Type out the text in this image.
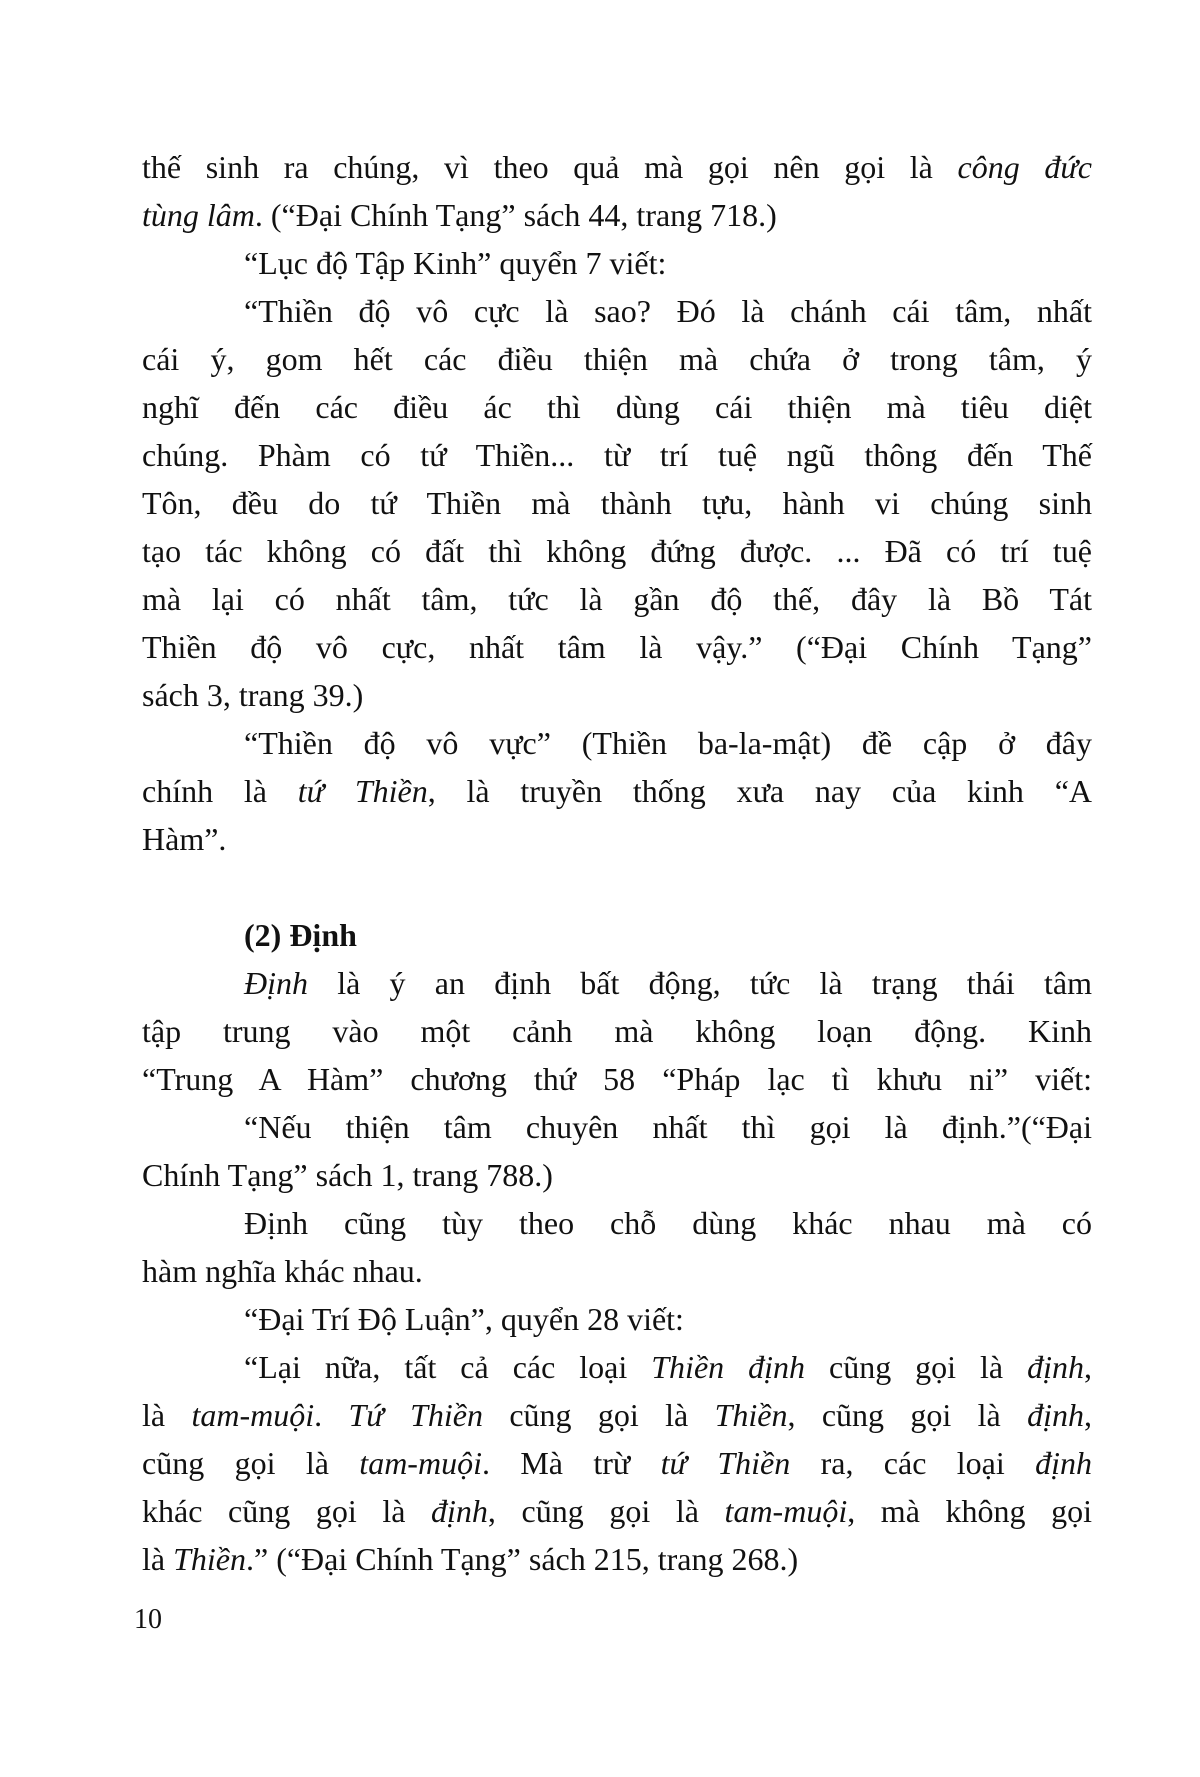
thế sinh ra chúng, vì theo quả mà gọi nên gọi là công đức
tùng lâm. (“Đại Chính Tạng” sách 44, trang 718.)
“Lục độ Tập Kinh” quyển 7 viết:
“Thiền độ vô cực là sao? Đó là chánh cái tâm, nhất
cái ý, gom hết các điều thiện mà chứa ở trong tâm, ý
nghĩ đến các điều ác thì dùng cái thiện mà tiêu diệt
chúng. Phàm có tứ Thiền... từ trí tuệ ngũ thông đến Thế
Tôn, đều do tứ Thiền mà thành tựu, hành vi chúng sinh
tạo tác không có đất thì không đứng được. ... Đã có trí tuệ
mà lại có nhất tâm, tức là gần độ thế, đây là Bồ Tát
Thiền độ vô cực, nhất tâm là vậy.” (“Đại Chính Tạng”
sách 3, trang 39.)
“Thiền độ vô vực” (Thiền ba-la-mật) đề cập ở đây
chính là tứ Thiền, là truyền thống xưa nay của kinh “A
Hàm”.
(2) Định
Định là ý an định bất động, tức là trạng thái tâm
tập trung vào một cảnh mà không loạn động. Kinh
“Trung A Hàm” chương thứ 58 “Pháp lạc tì khưu ni” viết:
“Nếu thiện tâm chuyên nhất thì gọi là định.”(“Đại
Chính Tạng” sách 1, trang 788.)
Định cũng tùy theo chỗ dùng khác nhau mà có
hàm nghĩa khác nhau.
“Đại Trí Độ Luận”, quyển 28 viết:
“Lại nữa, tất cả các loại Thiền định cũng gọi là định,
là tam-muội. Tứ Thiền cũng gọi là Thiền, cũng gọi là định,
cũng gọi là tam-muội. Mà trừ tứ Thiền ra, các loại định
khác cũng gọi là định, cũng gọi là tam-muội, mà không gọi
là Thiền.” (“Đại Chính Tạng” sách 215, trang 268.)
10
